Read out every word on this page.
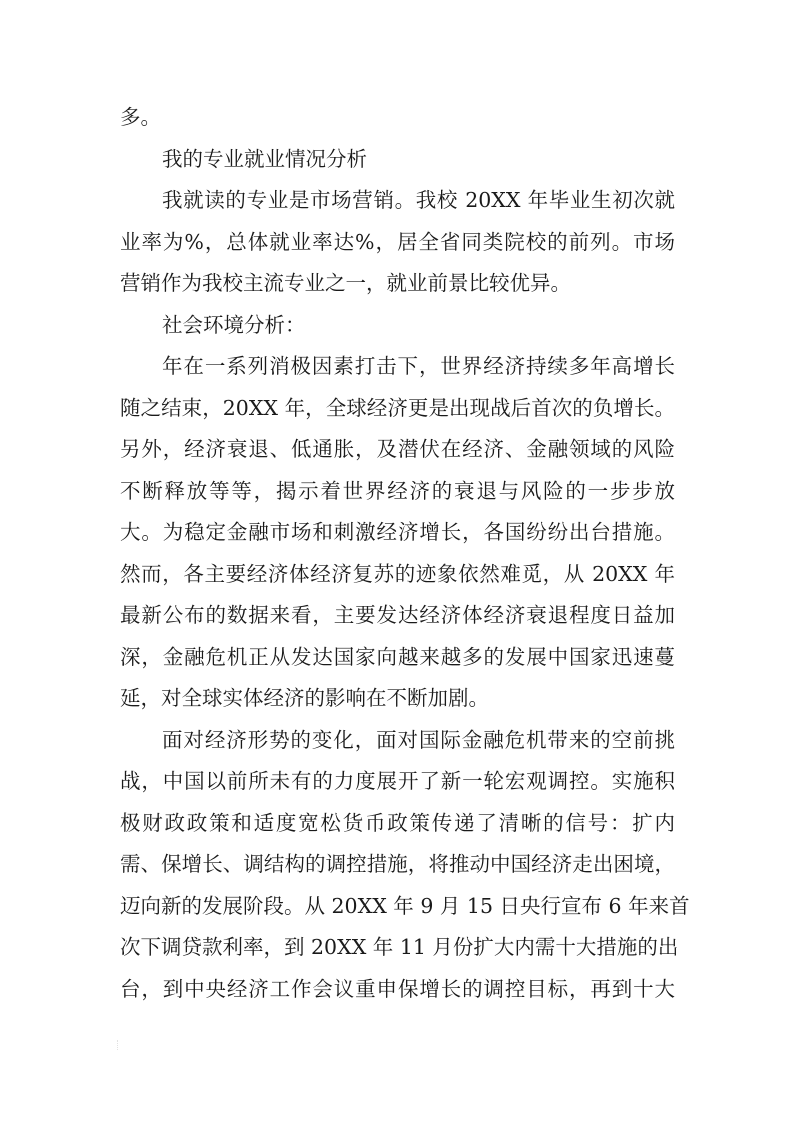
多。
我的专业就业情况分析
我就读的专业是市场营销。我校 20XX 年毕业生初次就
业率为%，总体就业率达%，居全省同类院校的前列。市场
营销作为我校主流专业之一，就业前景比较优异。
社会环境分析：
年在一系列消极因素打击下，世界经济持续多年高增长
随之结束，20XX 年，全球经济更是出现战后首次的负增长。
另外，经济衰退、低通胀，及潜伏在经济、金融领域的风险
不断释放等等，揭示着世界经济的衰退与风险的一步步放
大。为稳定金融市场和刺激经济增长，各国纷纷出台措施。
然而，各主要经济体经济复苏的迹象依然难觅，从 20XX 年
最新公布的数据来看，主要发达经济体经济衰退程度日益加
深，金融危机正从发达国家向越来越多的发展中国家迅速蔓
延，对全球实体经济的影响在不断加剧。
面对经济形势的变化，面对国际金融危机带来的空前挑
战，中国以前所未有的力度展开了新一轮宏观调控。实施积
极财政政策和适度宽松货币政策传递了清晰的信号：扩内
需、保增长、调结构的调控措施，将推动中国经济走出困境，
迈向新的发展阶段。从 20XX 年 9 月 15 日央行宣布 6 年来首
次下调贷款利率，到 20XX 年 11 月份扩大内需十大措施的出
台，到中央经济工作会议重申保增长的调控目标，再到十大
